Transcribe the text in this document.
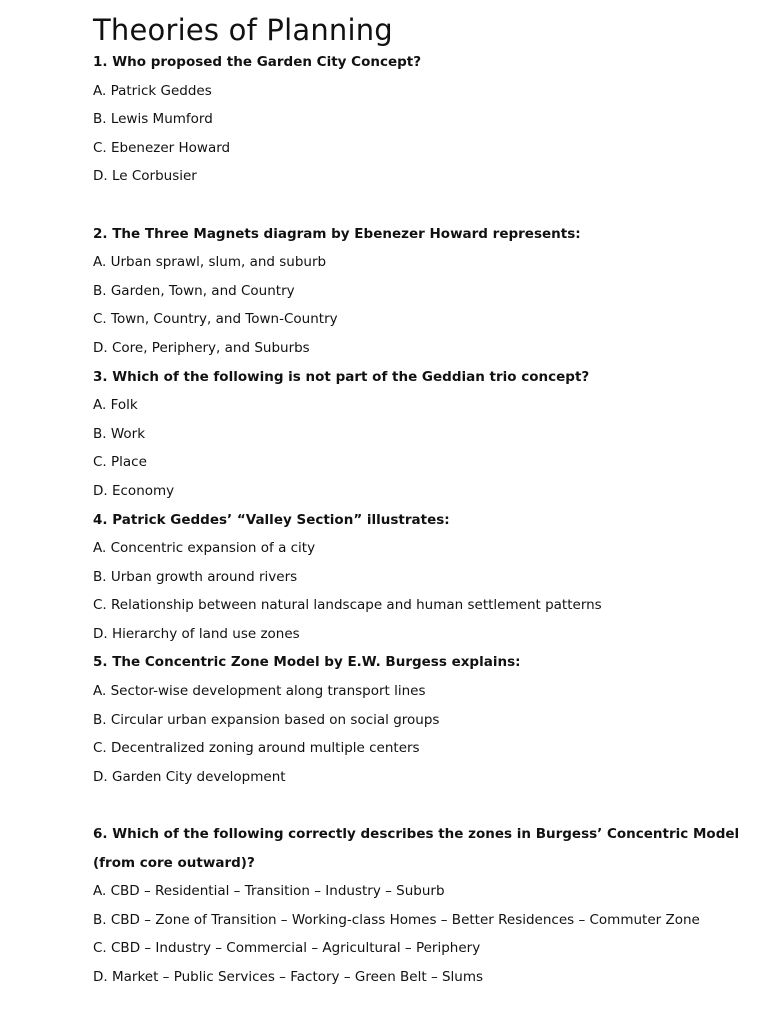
Theories of Planning

1. Who proposed the Garden City Concept?

A. Patrick Geddes

B. Lewis Mumford

C. Ebenezer Howard

D. Le Corbusier

2. The Three Magnets diagram by Ebenezer Howard represents:

A. Urban sprawl, slum, and suburb

B. Garden, Town, and Country

C. Town, Country, and Town-Country

D. Core, Periphery, and Suburbs

3. Which of the following is not part of the Geddian trio concept?

A. Folk

B. Work

C. Place

D. Economy

4. Patrick Geddes’ “Valley Section” illustrates:

A. Concentric expansion of a city

B. Urban growth around rivers

C. Relationship between natural landscape and human settlement patterns

D. Hierarchy of land use zones

5. The Concentric Zone Model by E.W. Burgess explains:

A. Sector-wise development along transport lines

B. Circular urban expansion based on social groups

C. Decentralized zoning around multiple centers

D. Garden City development

6. Which of the following correctly describes the zones in Burgess’ Concentric Model (from core outward)?

A. CBD – Residential – Transition – Industry – Suburb

B. CBD – Zone of Transition – Working-class Homes – Better Residences – Commuter Zone

C. CBD – Industry – Commercial – Agricultural – Periphery

D. Market – Public Services – Factory – Green Belt – Slums
